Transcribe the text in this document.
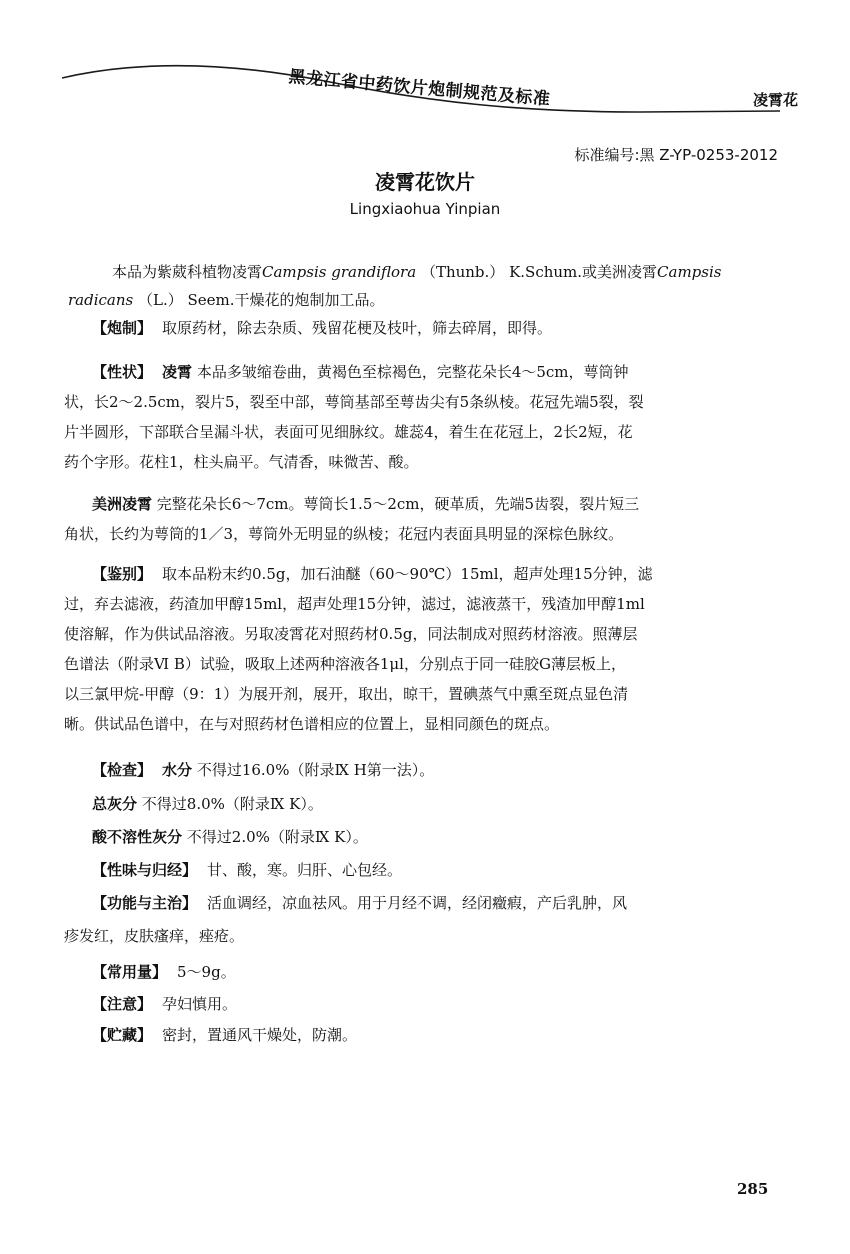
黑龙江省中药饮片炮制规范及标准	凌霄花
标准编号:黑 Z-YP-0253-2012
凌霄花饮片
Lingxiaohua Yinpian
本品为紫葳科植物凌霄Campsis grandiflora （Thunb.） K.Schum.或美洲凌霄Campsis
radicans （L.） Seem.干燥花的炮制加工品。
【炮制】 取原药材，除去杂质、残留花梗及枝叶，筛去碎屑，即得。
【性状】 凌霄 本品多皱缩卷曲，黄褐色至棕褐色，完整花朵长4～5cm，萼筒钟
状，长2～2.5cm，裂片5，裂至中部，萼筒基部至萼齿尖有5条纵棱。花冠先端5裂，裂
片半圆形，下部联合呈漏斗状，表面可见细脉纹。雄蕊4，着生在花冠上，2长2短，花
药个字形。花柱1，柱头扁平。气清香，味微苦、酸。
美洲凌霄 完整花朵长6～7cm。萼筒长1.5～2cm，硬革质，先端5齿裂，裂片短三
角状，长约为萼筒的1／3，萼筒外无明显的纵棱；花冠内表面具明显的深棕色脉纹。
【鉴别】 取本品粉末约0.5g，加石油醚（60～90℃）15ml，超声处理15分钟，滤
过，弃去滤液，药渣加甲醇15ml，超声处理15分钟，滤过，滤液蒸干，残渣加甲醇1ml
使溶解，作为供试品溶液。另取凌霄花对照药材0.5g，同法制成对照药材溶液。照薄层
色谱法（附录Ⅵ B）试验，吸取上述两种溶液各1μl，分别点于同一硅胶G薄层板上，
以三氯甲烷-甲醇（9：1）为展开剂，展开，取出，晾干，置碘蒸气中熏至斑点显色清
晰。供试品色谱中，在与对照药材色谱相应的位置上，显相同颜色的斑点。
【检查】 水分 不得过16.0%（附录Ⅸ H第一法）。
总灰分 不得过8.0%（附录Ⅸ K）。
酸不溶性灰分 不得过2.0%（附录Ⅸ K）。
【性味与归经】 甘、酸，寒。归肝、心包经。
【功能与主治】 活血调经，凉血祛风。用于月经不调，经闭癥瘕，产后乳肿，风
疹发红，皮肤瘙痒，痤疮。
【常用量】 5～9g。
【注意】 孕妇慎用。
【贮藏】 密封，置通风干燥处，防潮。
285
